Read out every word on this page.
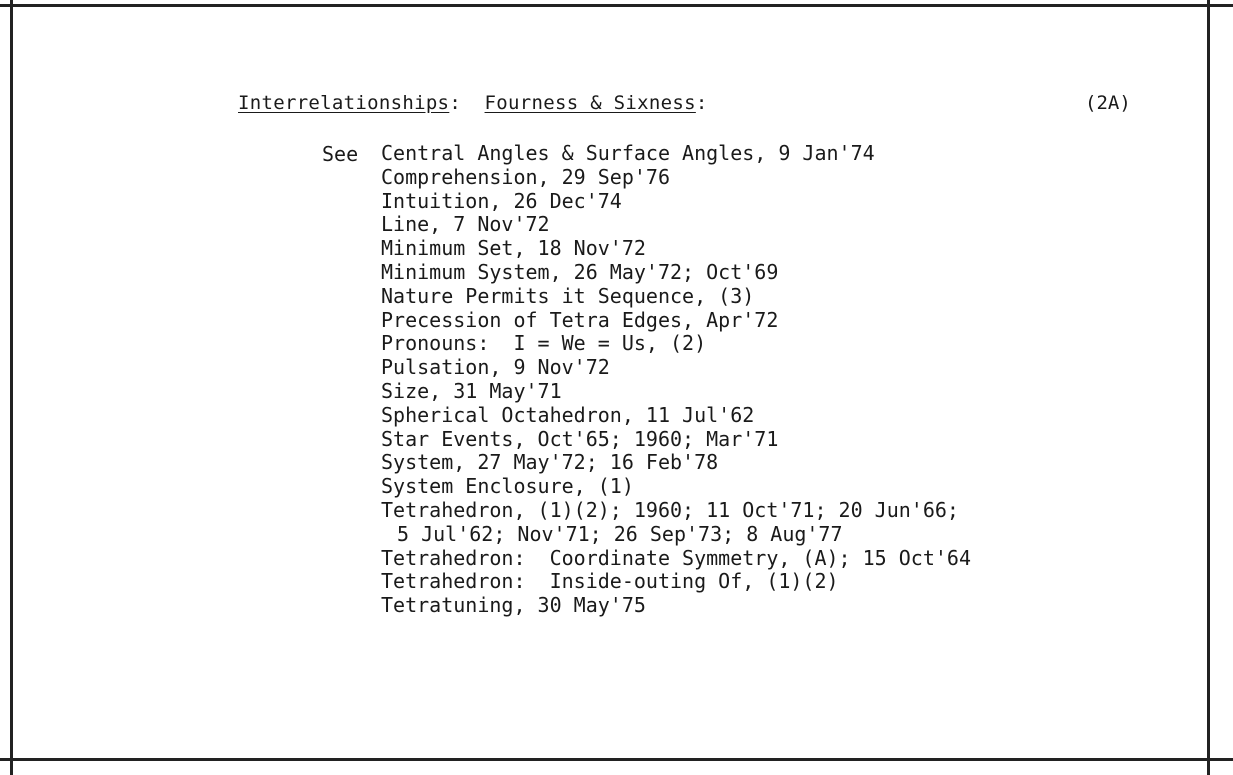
Interrelationships:  Fourness & Sixness:	(2A)
See Central Angles & Surface Angles, 9 Jan'74
Comprehension, 29 Sep'76
Intuition, 26 Dec'74
Line, 7 Nov'72
Minimum Set, 18 Nov'72
Minimum System, 26 May'72; Oct'69
Nature Permits it Sequence, (3)
Precession of Tetra Edges, Apr'72
Pronouns:  I = We = Us, (2)
Pulsation, 9 Nov'72
Size, 31 May'71
Spherical Octahedron, 11 Jul'62
Star Events, Oct'65; 1960; Mar'71
System, 27 May'72; 16 Feb'78
System Enclosure, (1)
Tetrahedron, (1)(2); 1960; 11 Oct'71; 20 Jun'66;
5 Jul'62; Nov'71; 26 Sep'73; 8 Aug'77
Tetrahedron:  Coordinate Symmetry, (A); 15 Oct'64
Tetrahedron:  Inside-outing Of, (1)(2)
Tetratuning, 30 May'75
